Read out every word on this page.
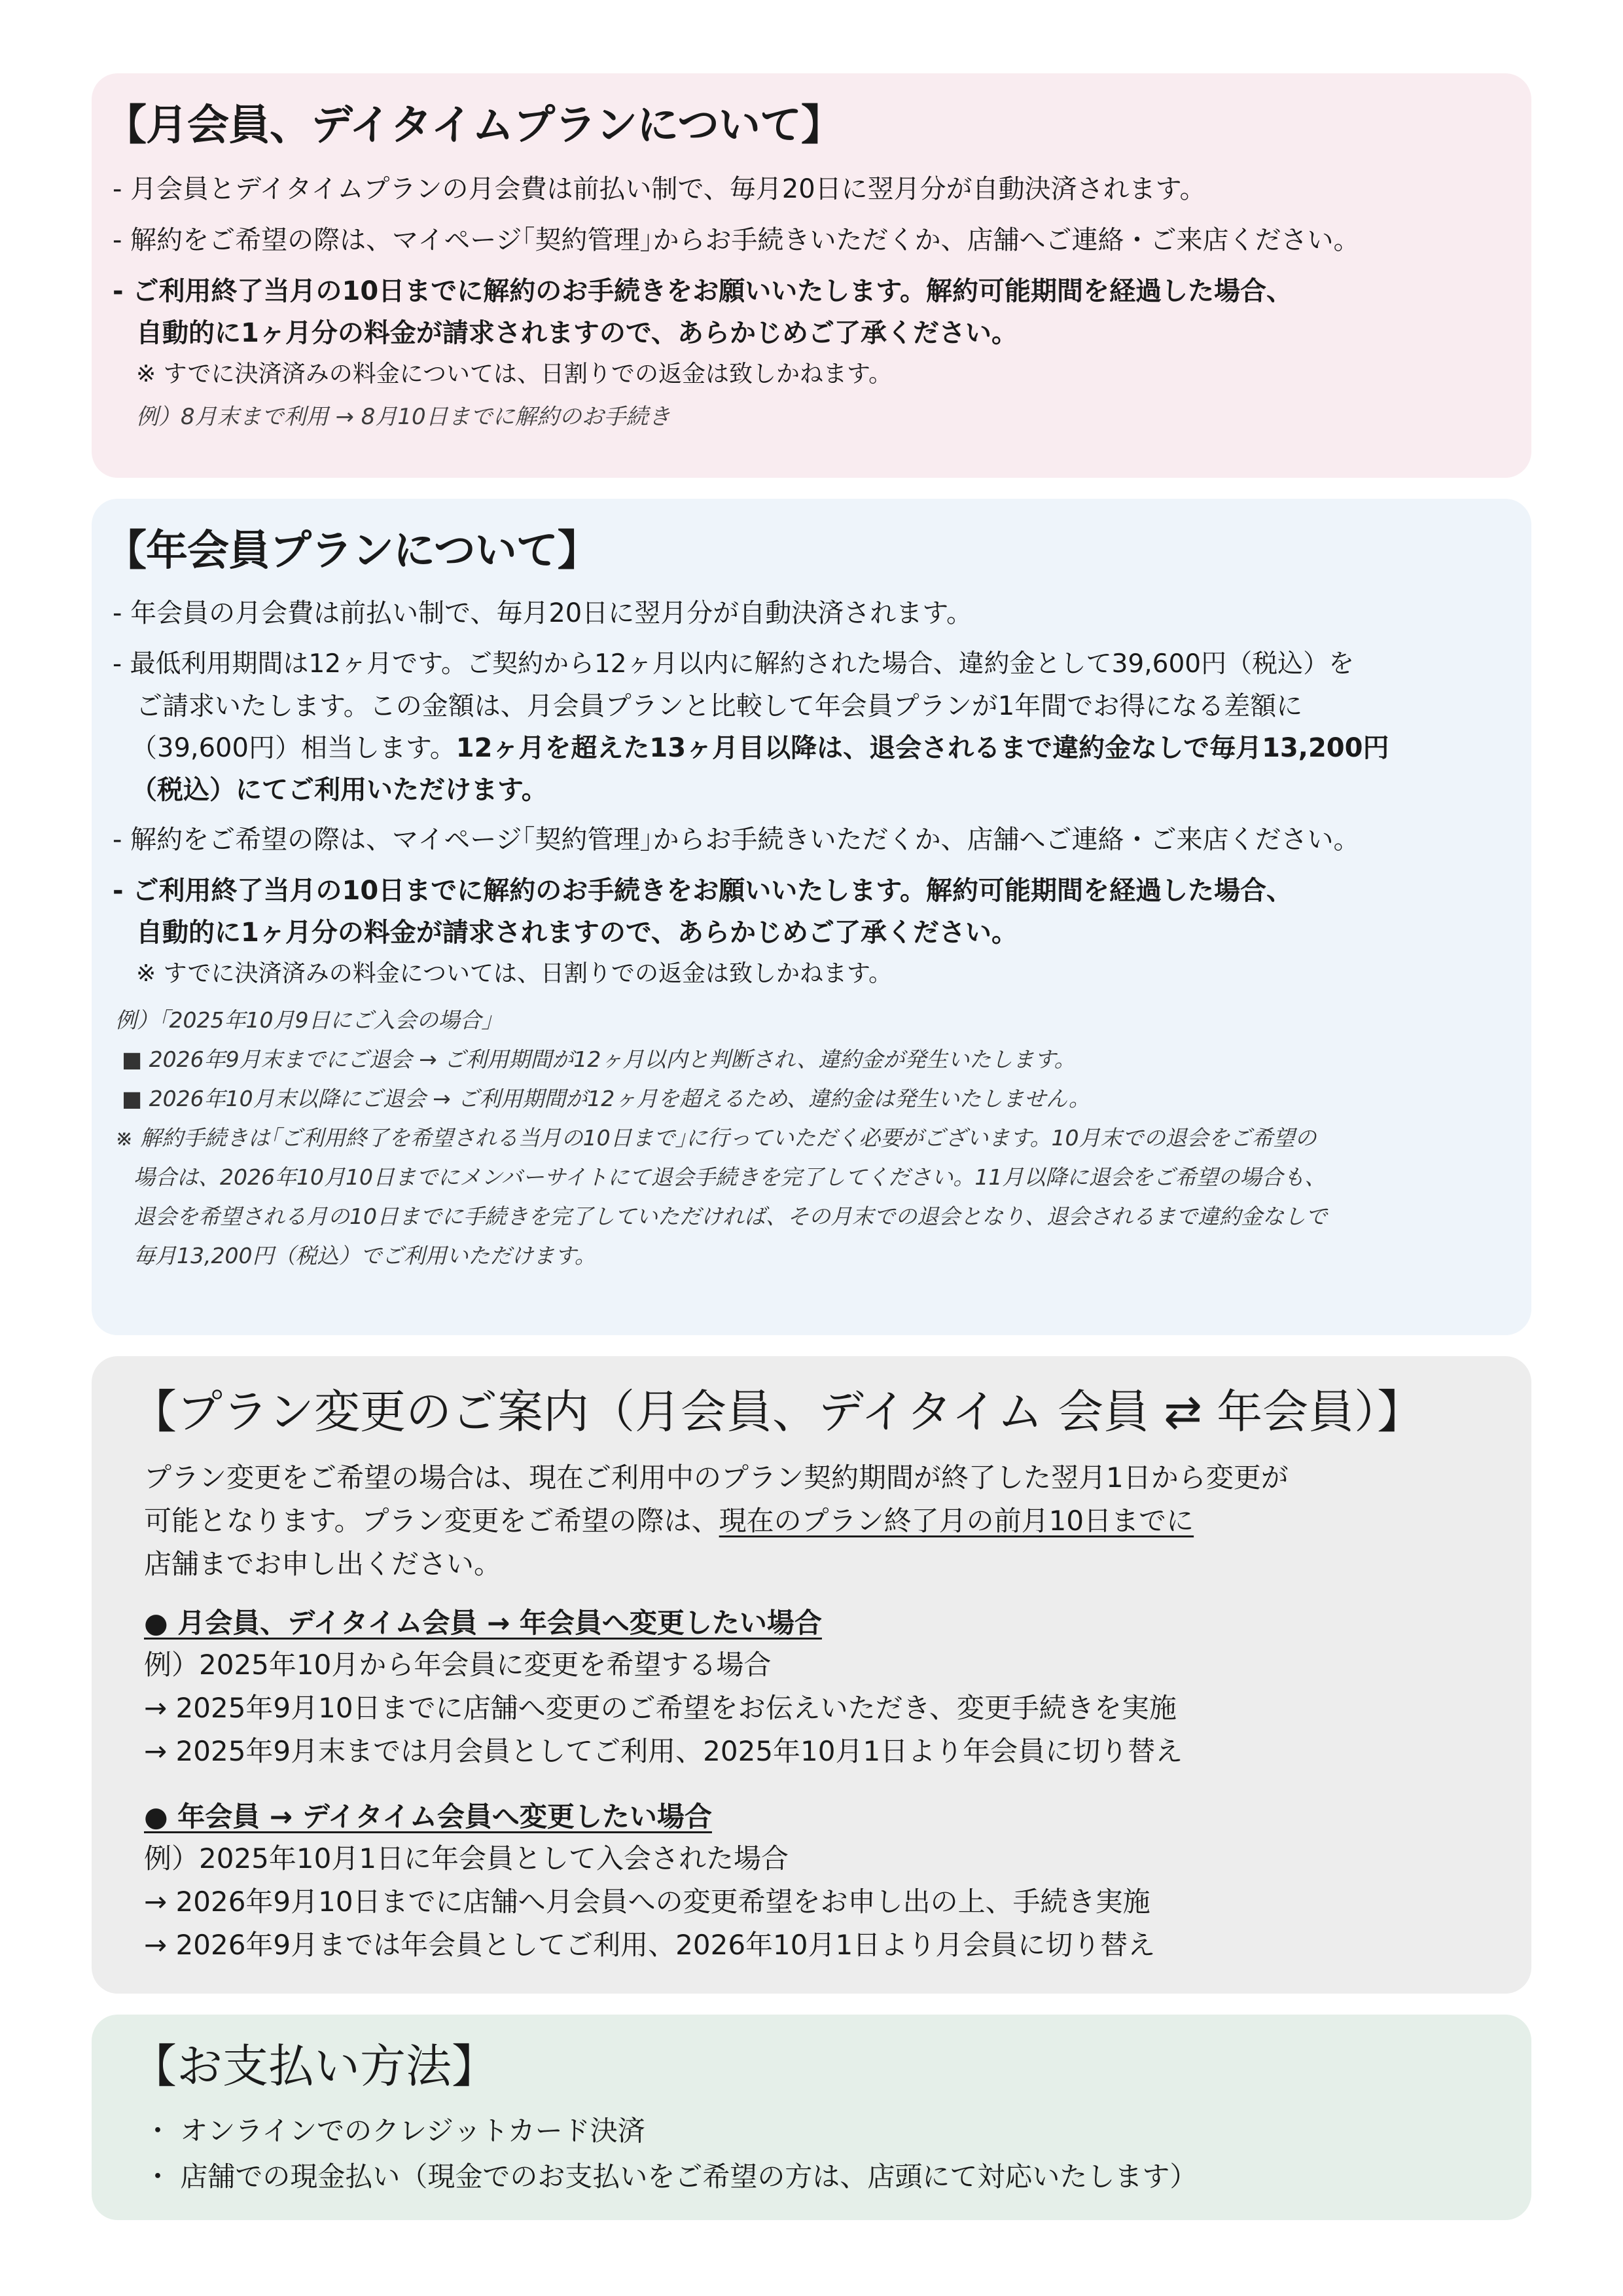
【月会員、デイタイムプランについて】
- 月会員とデイタイムプランの月会費は前払い制で、毎月20日に翌月分が自動決済されます。
- 解約をご希望の際は、マイページ｢契約管理｣からお手続きいただくか、店舗へご連絡・ご来店ください。
- ご利用終了当月の10日までに解約のお手続きをお願いいたします。解約可能期間を経過した場合、
自動的に1ヶ月分の料金が請求されますので、あらかじめご了承ください。
※ すでに決済済みの料金については、日割りでの返金は致しかねます。
例）8月末まで利用 → 8月10日までに解約のお手続き
【年会員プランについて】
- 年会員の月会費は前払い制で、毎月20日に翌月分が自動決済されます。
- 最低利用期間は12ヶ月です。ご契約から12ヶ月以内に解約された場合、違約金として39,600円（税込）を
ご請求いたします。この金額は、月会員プランと比較して年会員プランが1年間でお得になる差額に
（39,600円）相当します。12ヶ月を超えた13ヶ月目以降は、退会されるまで違約金なしで毎月13,200円
（税込）にてご利用いただけます。
- 解約をご希望の際は、マイページ｢契約管理｣からお手続きいただくか、店舗へご連絡・ご来店ください。
- ご利用終了当月の10日までに解約のお手続きをお願いいたします。解約可能期間を経過した場合、
自動的に1ヶ月分の料金が請求されますので、あらかじめご了承ください。
※ すでに決済済みの料金については、日割りでの返金は致しかねます。
例）｢2025年10月9日にご入会の場合｣
■ 2026年9月末までにご退会 → ご利用期間が12ヶ月以内と判断され、違約金が発生いたします。
■ 2026年10月末以降にご退会 → ご利用期間が12ヶ月を超えるため、違約金は発生いたしません。
※ 解約手続きは｢ご利用終了を希望される当月の10日まで｣に行っていただく必要がございます。10月末での退会をご希望の
場合は、2026年10月10日までにメンバーサイトにて退会手続きを完了してください。11月以降に退会をご希望の場合も、
退会を希望される月の10日までに手続きを完了していただければ、その月末での退会となり、退会されるまで違約金なしで
毎月13,200円（税込）でご利用いただけます。
【プラン変更のご案内（月会員、デイタイム 会員 ⇄ 年会員）】
プラン変更をご希望の場合は、現在ご利用中のプラン契約期間が終了した翌月1日から変更が
可能となります。プラン変更をご希望の際は、現在のプラン終了月の前月10日までに
店舗までお申し出ください。
● 月会員、デイタイム会員 → 年会員へ変更したい場合
例）2025年10月から年会員に変更を希望する場合
→ 2025年9月10日までに店舗へ変更のご希望をお伝えいただき、変更手続きを実施
→ 2025年9月末までは月会員としてご利用、2025年10月1日より年会員に切り替え
● 年会員 → デイタイム会員へ変更したい場合
例）2025年10月1日に年会員として入会された場合
→ 2026年9月10日までに店舗へ月会員への変更希望をお申し出の上、手続き実施
→ 2026年9月までは年会員としてご利用、2026年10月1日より月会員に切り替え
【お支払い方法】
・ オンラインでのクレジットカード決済
・ 店舗での現金払い（現金でのお支払いをご希望の方は、店頭にて対応いたします）
